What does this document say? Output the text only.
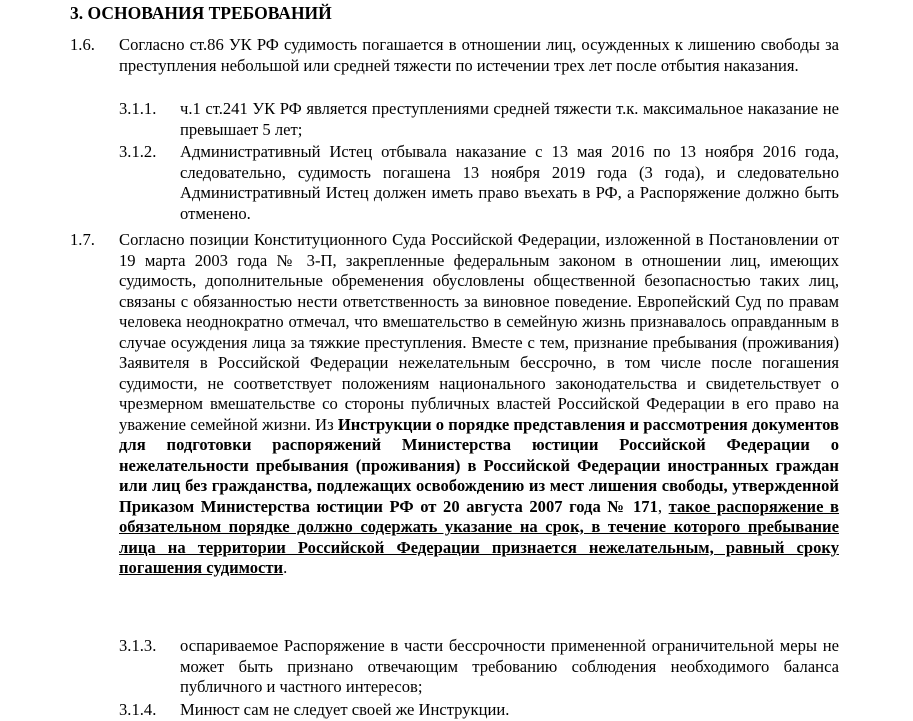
3. ОСНОВАНИЯ ТРЕБОВАНИЙ
1.6. Согласно ст.86 УК РФ судимость погашается в отношении лиц, осужденных к лишению свободы за преступления небольшой или средней тяжести по истечении трех лет после отбытия наказания.
3.1.1. ч.1 ст.241 УК РФ является преступлениями средней тяжести т.к. максимальное наказание не превышает 5 лет;
3.1.2. Административный Истец отбывала наказание с 13 мая 2016 по 13 ноября 2016 года, следовательно, судимость погашена 13 ноября 2019 года (3 года), и следовательно Административный Истец должен иметь право въехать в РФ, а Распоряжение должно быть отменено.
1.7. Согласно позиции Конституционного Суда Российской Федерации, изложенной в Постановлении от 19 марта 2003 года № 3-П, закрепленные федеральным законом в отношении лиц, имеющих судимость, дополнительные обременения обусловлены общественной безопасностью таких лиц, связаны с обязанностью нести ответственность за виновное поведение. Европейский Суд по правам человека неоднократно отмечал, что вмешательство в семейную жизнь признавалось оправданным в случае осуждения лица за тяжкие преступления. Вместе с тем, признание пребывания (проживания) Заявителя в Российской Федерации нежелательным бессрочно, в том числе после погашения судимости, не соответствует положениям национального законодательства и свидетельствует о чрезмерном вмешательстве со стороны публичных властей Российской Федерации в его право на уважение семейной жизни. Из Инструкции о порядке представления и рассмотрения документов для подготовки распоряжений Министерства юстиции Российской Федерации о нежелательности пребывания (проживания) в Российской Федерации иностранных граждан или лиц без гражданства, подлежащих освобождению из мест лишения свободы, утвержденной Приказом Министерства юстиции РФ от 20 августа 2007 года № 171, такое распоряжение в обязательном порядке должно содержать указание на срок, в течение которого пребывание лица на территории Российской Федерации признается нежелательным, равный сроку погашения судимости.
3.1.3. оспариваемое Распоряжение в части бессрочности примененной ограничительной меры не может быть признано отвечающим требованию соблюдения необходимого баланса публичного и частного интересов;
3.1.4. Минюст сам не следует своей же Инструкции.
